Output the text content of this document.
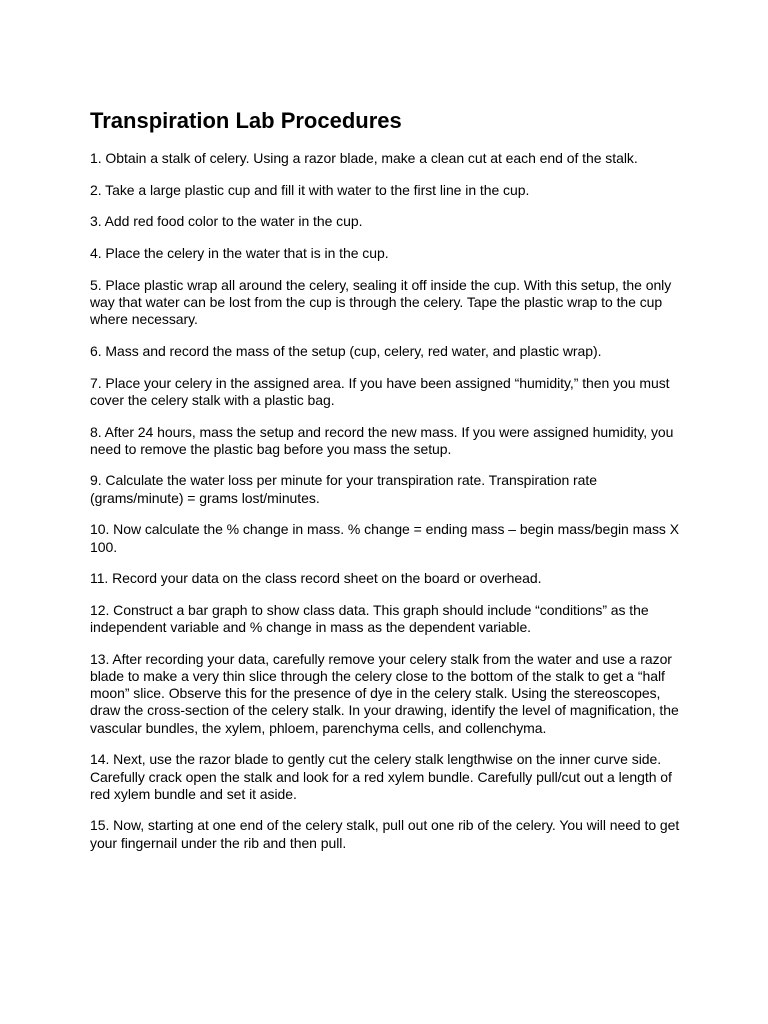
Transpiration Lab Procedures
1. Obtain a stalk of celery. Using a razor blade, make a clean cut at each end of the stalk.
2. Take a large plastic cup and fill it with water to the first line in the cup.
3. Add red food color to the water in the cup.
4. Place the celery in the water that is in the cup.
5. Place plastic wrap all around the celery, sealing it off inside the cup. With this setup, the only way that water can be lost from the cup is through the celery. Tape the plastic wrap to the cup where necessary.
6. Mass and record the mass of the setup (cup, celery, red water, and plastic wrap).
7. Place your celery in the assigned area. If you have been assigned “humidity,” then you must cover the celery stalk with a plastic bag.
8. After 24 hours, mass the setup and record the new mass. If you were assigned humidity, you need to remove the plastic bag before you mass the setup.
9. Calculate the water loss per minute for your transpiration rate. Transpiration rate (grams/minute) = grams lost/minutes.
10. Now calculate the % change in mass. % change = ending mass – begin mass/begin mass X 100.
11. Record your data on the class record sheet on the board or overhead.
12. Construct a bar graph to show class data. This graph should include “conditions” as the independent variable and % change in mass as the dependent variable.
13. After recording your data, carefully remove your celery stalk from the water and use a razor blade to make a very thin slice through the celery close to the bottom of the stalk to get a “half moon” slice. Observe this for the presence of dye in the celery stalk. Using the stereoscopes, draw the cross-section of the celery stalk. In your drawing, identify the level of magnification, the vascular bundles, the xylem, phloem, parenchyma cells, and collenchyma.
14. Next, use the razor blade to gently cut the celery stalk lengthwise on the inner curve side. Carefully crack open the stalk and look for a red xylem bundle. Carefully pull/cut out a length of red xylem bundle and set it aside.
15. Now, starting at one end of the celery stalk, pull out one rib of the celery. You will need to get your fingernail under the rib and then pull.
